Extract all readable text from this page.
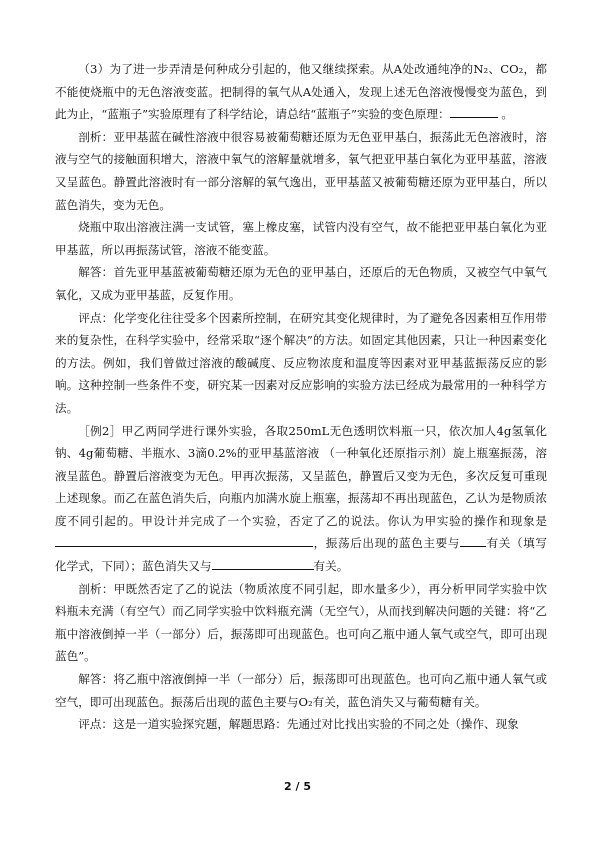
（3）为了进一步弄清是何种成分引起的，他又继续探索。从A处改通纯净的N₂、CO₂，都不能使烧瓶中的无色溶液变蓝。把制得的氧气从A处通入，发现上述无色溶液慢慢变为蓝色，到此为止，“蓝瓶子”实验原理有了科学结论，请总结“蓝瓶子”实验的变色原理：	。

剖析：亚甲基蓝在碱性溶液中很容易被葡萄糖还原为无色亚甲基白，振荡此无色溶液时，溶液与空气的接触面积增大，溶液中氧气的溶解量就增多，氧气把亚甲基白氧化为亚甲基蓝，溶液又呈蓝色。静置此溶液时有一部分溶解的氧气逸出，亚甲基蓝又被葡萄糖还原为亚甲基白，所以蓝色消失，变为无色。

烧瓶中取出溶液注满一支试管，塞上橡皮塞，试管内没有空气，故不能把亚甲基白氧化为亚甲基蓝，所以再振荡试管，溶液不能变蓝。

解答：首先亚甲基蓝被葡萄糖还原为无色的亚甲基白，还原后的无色物质，又被空气中氧气氧化，又成为亚甲基蓝，反复作用。

评点：化学变化往往受多个因素所控制，在研究其变化规律时，为了避免各因素相互作用带来的复杂性，在科学实验中，经常采取“逐个解决”的方法。如固定其他因素，只让一种因素变化的方法。例如，我们曾做过溶液的酸碱度、反应物浓度和温度等因素对亚甲基蓝振荡反应的影响。这种控制一些条件不变，研究某一因素对反应影响的实验方法已经成为最常用的一种科学方法。

［例2］甲乙两同学进行课外实验，各取250mL无色透明饮料瓶一只，依次加人4g氢氧化钠、4g葡萄糖、半瓶水、3滴0.2%的亚甲基蓝溶液 （一种氧化还原指示剂）旋上瓶塞振荡，溶液呈蓝色。静置后溶液变为无色。甲再次振荡，又呈蓝色，静置后又变为无色，多次反复可重现上述现象。而乙在蓝色消失后，向瓶内加满水旋上瓶塞，振荡却不再出现蓝色，乙认为是物质浓度不同引起的。甲设计并完成了一个实验，否定了乙的说法。你认为甲实验的操作和现象是，振荡后出现的蓝色主要与 有关（填写化学式，下同）；蓝色消失又与	有关。

剖析：甲既然否定了乙的说法（物质浓度不同引起，即水量多少），再分析甲同学实验中饮料瓶未充满（有空气）而乙同学实验中饮料瓶充满（无空气），从而找到解决问题的关键：将“乙瓶中溶液倒掉一半（一部分）后，振荡即可出现蓝色。也可向乙瓶中通人氧气或空气，即可出现蓝色”。

解答：将乙瓶中溶液倒掉一半（一部分）后，振荡即可出现蓝色。也可向乙瓶中通人氧气或空气，即可出现蓝色。振荡后出现的蓝色主要与O₂有关，蓝色消失又与葡萄糖有关。

评点：这是一道实验探究题，解题思路：先通过对比找出实验的不同之处（操作、现象

2 / 5
